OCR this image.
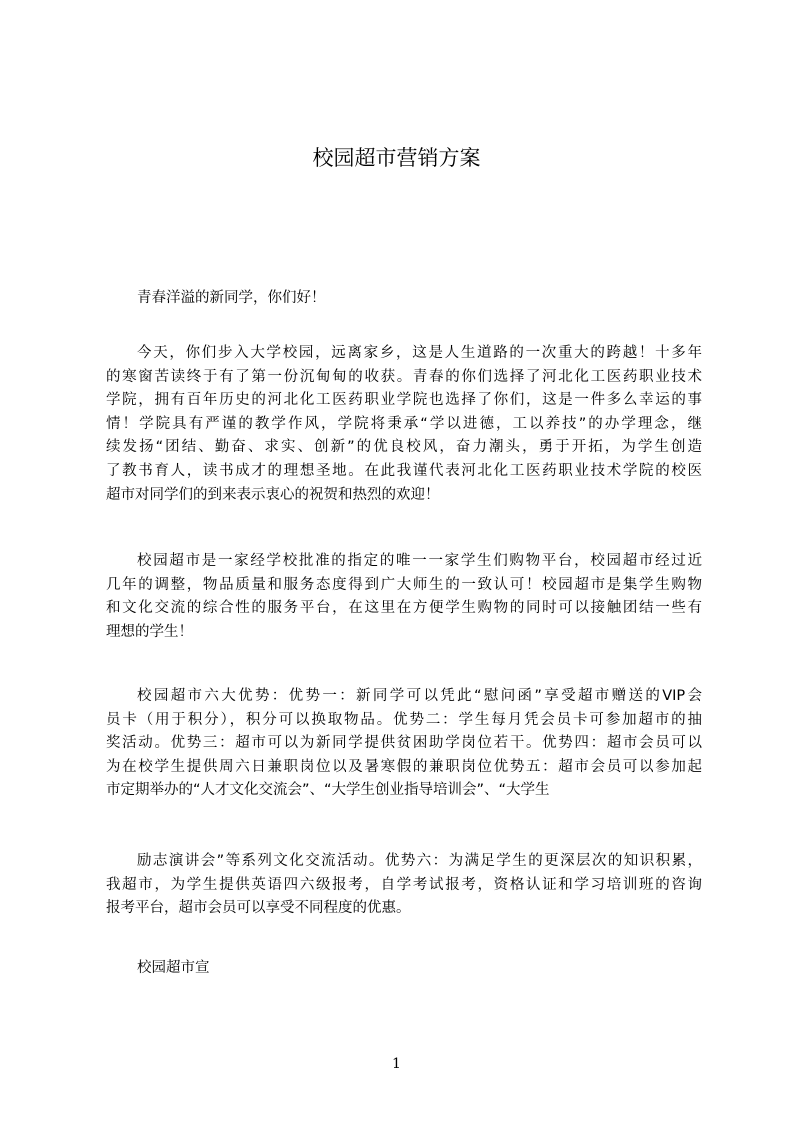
校园超市营销方案
青春洋溢的新同学，你们好！
今天，你们步入大学校园，远离家乡，这是人生道路的一次重大的跨越！十多年
的寒窗苦读终于有了第一份沉甸甸的收获。青春的你们选择了河北化工医药职业技术
学院，拥有百年历史的河北化工医药职业学院也选择了你们，这是一件多么幸运的事
情！学院具有严谨的教学作风，学院将秉承“学以进德，工以养技”的办学理念，继
续发扬“团结、勤奋、求实、创新”的优良校风，奋力潮头，勇于开拓，为学生创造
了教书育人，读书成才的理想圣地。在此我谨代表河北化工医药职业技术学院的校医
超市对同学们的到来表示衷心的祝贺和热烈的欢迎！
校园超市是一家经学校批准的指定的唯一一家学生们购物平台，校园超市经过近
几年的调整，物品质量和服务态度得到广大师生的一致认可！校园超市是集学生购物
和文化交流的综合性的服务平台，在这里在方便学生购物的同时可以接触团结一些有
理想的学生！
校园超市六大优势：优势一：新同学可以凭此“慰问函”享受超市赠送的VIP会
员卡（用于积分），积分可以换取物品。优势二：学生每月凭会员卡可参加超市的抽
奖活动。优势三：超市可以为新同学提供贫困助学岗位若干。优势四：超市会员可以
为在校学生提供周六日兼职岗位以及暑寒假的兼职岗位优势五：超市会员可以参加起
市定期举办的“人才文化交流会”、“大学生创业指导培训会”、“大学生
励志演讲会”等系列文化交流活动。优势六：为满足学生的更深层次的知识积累，
我超市，为学生提供英语四六级报考，自学考试报考，资格认证和学习培训班的咨询
报考平台，超市会员可以享受不同程度的优惠。
校园超市宣
1
